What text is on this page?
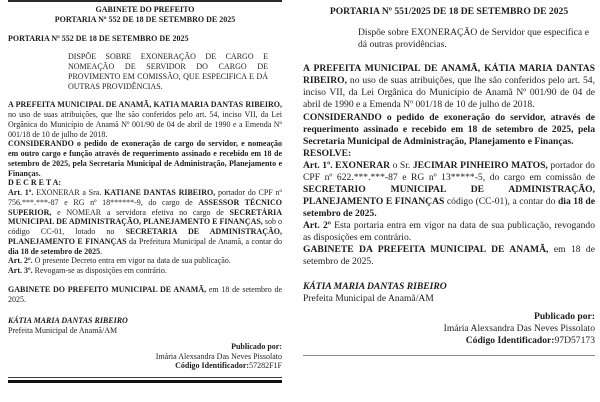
GABINETE DO PREFEITO

PORTARIA Nº 552 DE 18 DE SETEMBRO DE 2025

PORTARIA Nº 552 DE 18 DE SETEMBRO DE 2025

DISPÕE SOBRE EXONERAÇÃO DE CARGO E NOMEAÇÃO DE SERVIDOR DO CARGO DE PROVIMENTO EM COMISSÃO, QUE ESPECIFICA E DÁ OUTRAS PROVIDÊNCIAS.

A PREFEITA MUNICIPAL DE ANAMÃ, KATIA MARIA DANTAS RIBEIRO, no uso de suas atribuições, que lhe são conferidos pelo art. 54, inciso VII, da Lei Orgânica do Município de Anamã Nº 001/90 de 04 de abril de 1990 e a Emenda Nº 001/18 de 10 de julho de 2018.

CONSIDERANDO o pedido de exoneração de cargo do servidor, e nomeação em outro cargo e função através de requerimento assinado e recebido em 18 de setembro de 2025, pela Secretaria Municipal de Administração, Planejamento e Finanças.

D E C R E T A:

Art. 1º. EXONERAR a Sra. KATIANE DANTAS RIBEIRO, portador do CPF nº 756.***.***-87 e RG nº 18******-9, do cargo de ASSESSOR TÉCNICO SUPERIOR, e NOMEAR a servidora efetiva no cargo de SECRETÁRIA MUNICIPAL DE ADMINISTRAÇÃO, PLANEJAMENTO E FINANÇAS, sob o código CC-01, lotado no SECRETARIA DE ADMINISTRAÇÃO, PLANEJAMENTO E FINANÇAS da Prefeitura Municipal de Anamã, a contar do dia 18 de setembro de 2025.

Art. 2º. O presente Decreto entra em vigor na data de sua publicação.

Art. 3º. Revogam-se as disposições em contrário.

GABINETE DO PREFEITO MUNICIPAL DE ANAMÃ, em 18 de setembro de 2025.

KÁTIA MARIA DANTAS RIBEIRO

Prefeita Municipal de Anamã/AM

Publicado por:

Imária Alexsandra Das Neves Pissolato

Código Identificador:57282F1F

PORTARIA Nº 551/2025 DE 18 DE SETEMBRO DE 2025

Dispõe sobre EXONERAÇÃO de Servidor que especifica e dá outras providências.

A PREFEITA MUNICIPAL DE ANAMÃ, KÁTIA MARIA DANTAS RIBEIRO, no uso de suas atribuições, que lhe são conferidos pelo art. 54, inciso VII, da Lei Orgânica do Município de Anamã Nº 001/90 de 04 de abril de 1990 e a Emenda Nº 001/18 de 10 de julho de 2018.

CONSIDERANDO o pedido de exoneração do servidor, através de requerimento assinado e recebido em 18 de setembro de 2025, pela Secretaria Municipal de Administração, Planejamento e Finanças.

RESOLVE:

Art. 1º. EXONERAR o Sr. JECIMAR PINHEIRO MATOS, portador do CPF nº 622.***.***-87 e RG nº 13*****-5, do cargo em comissão de SECRETARIO MUNICIPAL DE ADMINISTRAÇÃO, PLANEJAMENTO E FINANÇAS código (CC-01), a contar do dia 18 de setembro de 2025.

Art. 2º Esta portaria entra em vigor na data de sua publicação, revogando as disposições em contrário.

GABINETE DA PREFEITA MUNICIPAL DE ANAMÃ, em 18 de setembro de 2025.

KÁTIA MARIA DANTAS RIBEIRO

Prefeita Municipal de Anamã/AM

Publicado por:

Imária Alexsandra Das Neves Pissolato

Código Identificador:97D57173
